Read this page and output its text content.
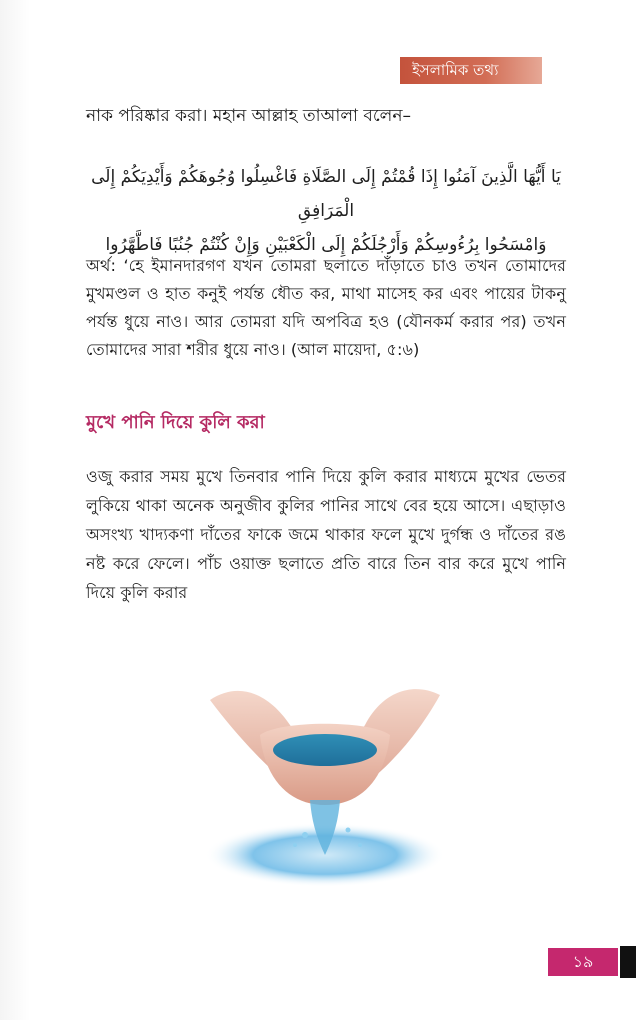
ইসলামিক তথ্য
নাক পরিষ্কার করা। মহান আল্লাহ তাআলা বলেন–
يَا أَيُّهَا الَّذِينَ آمَنُوا إِذَا قُمْتُمْ إِلَى الصَّلَاةِ فَاغْسِلُوا وُجُوهَكُمْ وَأَيْدِيَكُمْ إِلَى الْمَرَافِقِ
وَامْسَحُوا بِرُءُوسِكُمْ وَأَرْجُلَكُمْ إِلَى الْكَعْبَيْنِ وَإِنْ كُنْتُمْ جُنُبًا فَاطَّهَّرُوا
অর্থ: ‘হে ইমানদারগণ যখন তোমরা ছলাতে দাঁড়াতে চাও তখন তোমাদের মুখমণ্ডল ও হাত কনুই পর্যন্ত ধৌত কর, মাথা মাসেহ কর এবং পায়ের টাকনু পর্যন্ত ধুয়ে নাও। আর তোমরা যদি অপবিত্র হও (যৌনকর্ম করার পর) তখন তোমাদের সারা শরীর ধুয়ে নাও। (আল মায়েদা, ৫:৬)
মুখে পানি দিয়ে কুলি করা
ওজু করার সময় মুখে তিনবার পানি দিয়ে কুলি করার মাধ্যমে মুখের ভেতর লুকিয়ে থাকা অনেক অনুজীব কুলির পানির সাথে বের হয়ে আসে। এছাড়াও অসংখ্য খাদ্যকণা দাঁতের ফাকে জমে থাকার ফলে মুখে দুর্গন্ধ ও দাঁতের রঙ নষ্ট করে ফেলে। পাঁচ ওয়াক্ত ছলাতে প্রতি বারে তিন বার করে মুখে পানি দিয়ে কুলি করার
১৯
